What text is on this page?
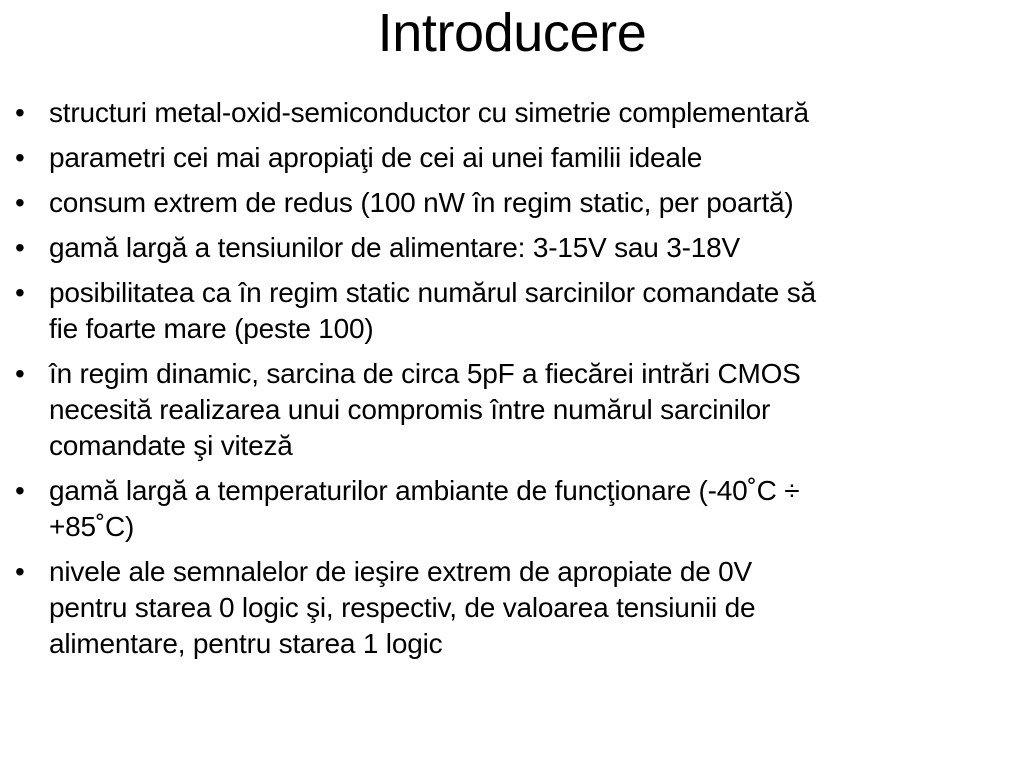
Introducere
• structuri metal-oxid-semiconductor cu simetrie complementară
• parametri cei mai apropiaţi de cei ai unei familii ideale
• consum extrem de redus (100 nW în regim static, per poartă)
• gamă largă a tensiunilor de alimentare: 3-15V sau 3-18V
• posibilitatea ca în regim static numărul sarcinilor comandate să
fie foarte mare (peste 100)
• în regim dinamic, sarcina de circa 5pF a fiecărei intrări CMOS
necesită realizarea unui compromis între numărul sarcinilor
comandate şi viteză
• gamă largă a temperaturilor ambiante de funcţionare (-40˚C ÷
+85˚C)
• nivele ale semnalelor de ieşire extrem de apropiate de 0V
pentru starea 0 logic şi, respectiv, de valoarea tensiunii de
alimentare, pentru starea 1 logic
